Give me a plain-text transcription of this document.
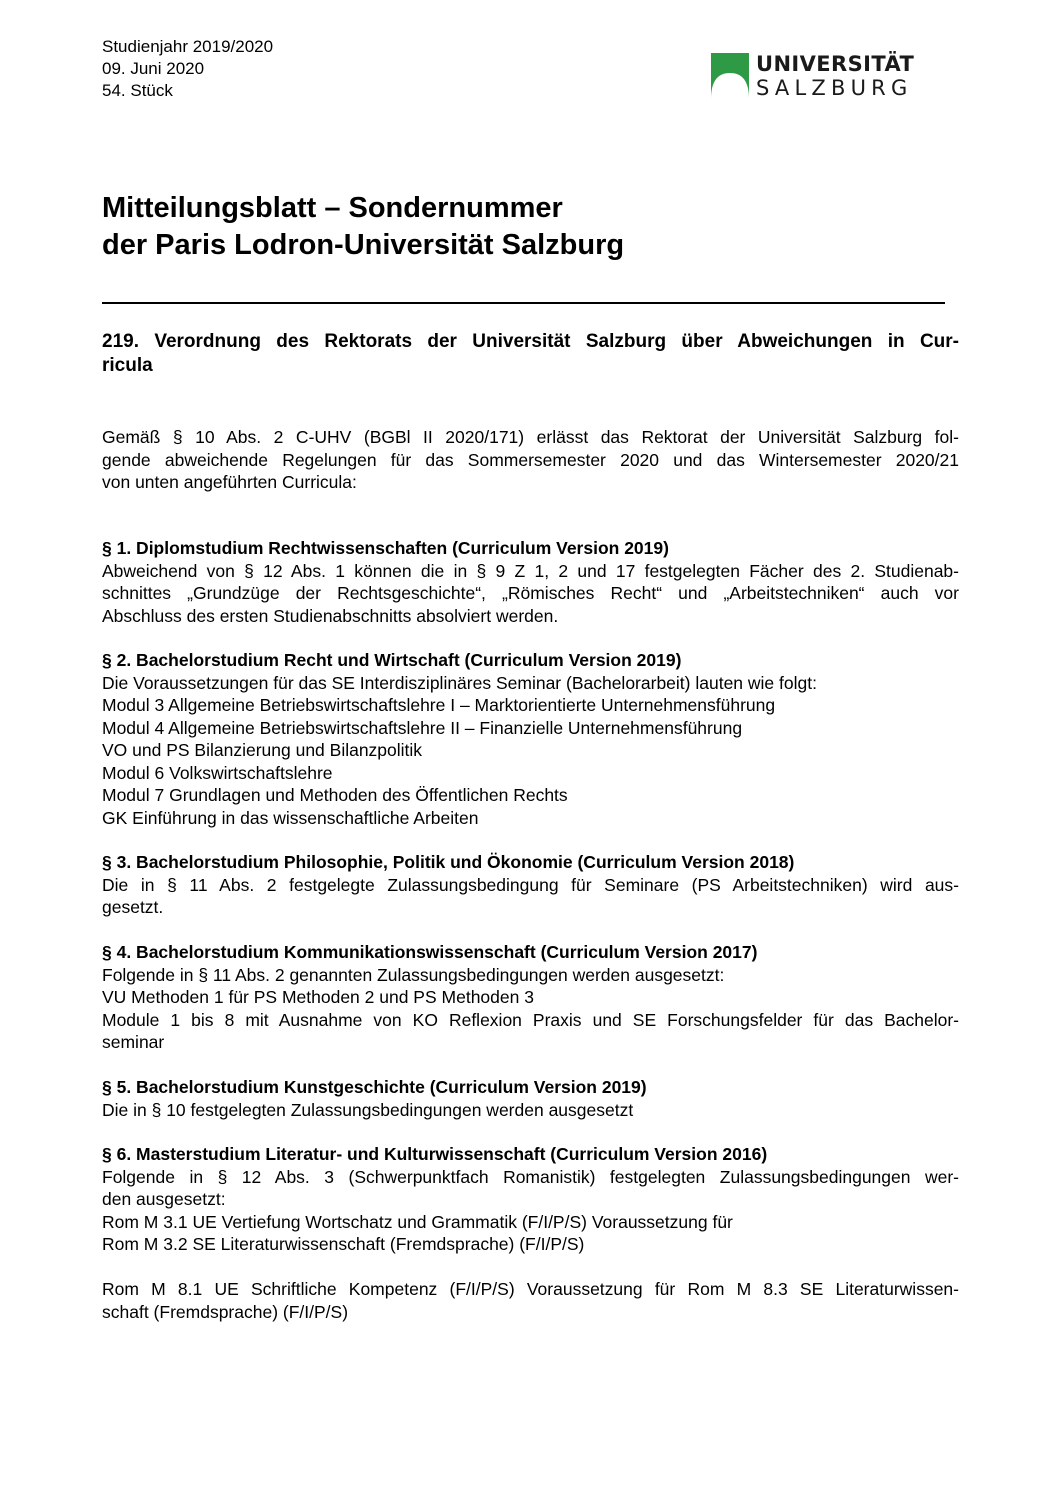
Studienjahr 2019/2020
09. Juni 2020
54. Stück
UNIVERSITÄT
SALZBURG
Mitteilungsblatt – Sondernummer
der Paris Lodron-Universität Salzburg
219. Verordnung des Rektorats der Universität Salzburg über Abweichungen in Cur-
ricula
Gemäß § 10 Abs. 2 C-UHV (BGBl II 2020/171) erlässt das Rektorat der Universität Salzburg fol-
gende abweichende Regelungen für das Sommersemester 2020 und das Wintersemester 2020/21
von unten angeführten Curricula:
§ 1. Diplomstudium Rechtwissenschaften (Curriculum Version 2019)
Abweichend von § 12 Abs. 1 können die in § 9 Z 1, 2 und 17 festgelegten Fächer des 2. Studienab-
schnittes „Grundzüge der Rechtsgeschichte“, „Römisches Recht“ und „Arbeitstechniken“ auch vor
Abschluss des ersten Studienabschnitts absolviert werden.
§ 2. Bachelorstudium Recht und Wirtschaft (Curriculum Version 2019)
Die Voraussetzungen für das SE Interdisziplinäres Seminar (Bachelorarbeit) lauten wie folgt:
Modul 3 Allgemeine Betriebswirtschaftslehre I – Marktorientierte Unternehmensführung
Modul 4 Allgemeine Betriebswirtschaftslehre II – Finanzielle Unternehmensführung
VO und PS Bilanzierung und Bilanzpolitik
Modul 6 Volkswirtschaftslehre
Modul 7 Grundlagen und Methoden des Öffentlichen Rechts
GK Einführung in das wissenschaftliche Arbeiten
§ 3. Bachelorstudium Philosophie, Politik und Ökonomie (Curriculum Version 2018)
Die in § 11 Abs. 2 festgelegte Zulassungsbedingung für Seminare (PS Arbeitstechniken) wird aus-
gesetzt.
§ 4. Bachelorstudium Kommunikationswissenschaft (Curriculum Version 2017)
Folgende in § 11 Abs. 2 genannten Zulassungsbedingungen werden ausgesetzt:
VU Methoden 1 für PS Methoden 2 und PS Methoden 3
Module 1 bis 8 mit Ausnahme von KO Reflexion Praxis und SE Forschungsfelder für das Bachelor-
seminar
§ 5. Bachelorstudium Kunstgeschichte (Curriculum Version 2019)
Die in § 10 festgelegten Zulassungsbedingungen werden ausgesetzt
§ 6. Masterstudium Literatur- und Kulturwissenschaft (Curriculum Version 2016)
Folgende in § 12 Abs. 3 (Schwerpunktfach Romanistik) festgelegten Zulassungsbedingungen wer-
den ausgesetzt:
Rom M 3.1 UE Vertiefung Wortschatz und Grammatik (F/I/P/S) Voraussetzung für
Rom M 3.2 SE Literaturwissenschaft (Fremdsprache) (F/I/P/S)
Rom M 8.1 UE Schriftliche Kompetenz (F/I/P/S) Voraussetzung für Rom M 8.3 SE Literaturwissen-
schaft (Fremdsprache) (F/I/P/S)
